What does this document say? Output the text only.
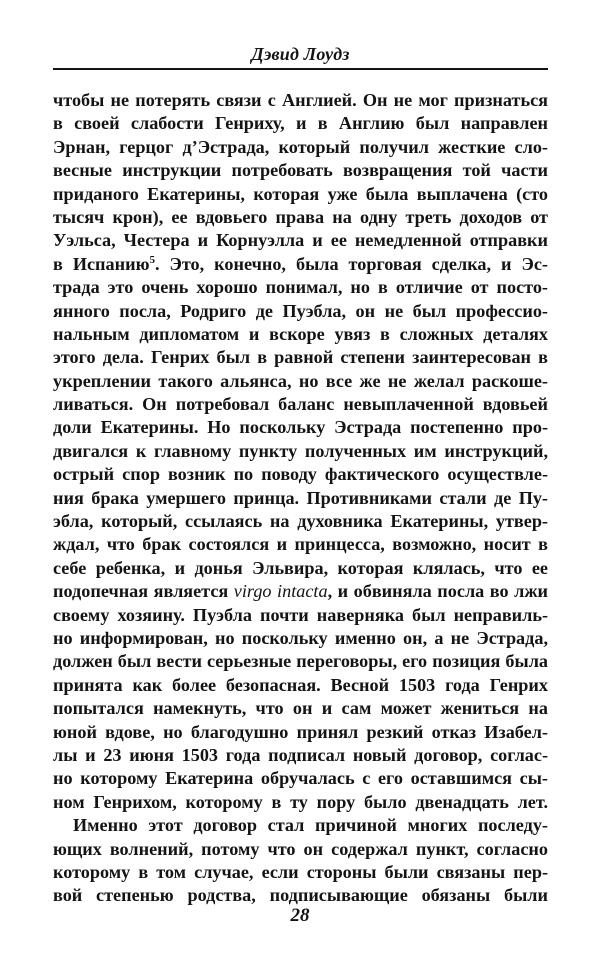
Дэвид Лоудз
чтобы не потерять связи с Англией. Он не мог признаться
в своей слабости Генриху, и в Англию был направлен
Эрнан, герцог д’Эстрада, который получил жесткие сло-
весные инструкции потребовать возвращения той части
приданого Екатерины, которая уже была выплачена (сто
тысяч крон), ее вдовьего права на одну треть доходов от
Уэльса, Честера и Корнуэлла и ее немедленной отправки
в Испанию$^5$. Это, конечно, была торговая сделка, и Эс-
трада это очень хорошо понимал, но в отличие от посто-
янного посла, Родриго де Пуэбла, он не был профессио-
нальным дипломатом и вскоре увяз в сложных деталях
этого дела. Генрих был в равной степени заинтересован в
укреплении такого альянса, но все же не желал раскоше-
ливаться. Он потребовал баланс невыплаченной вдовьей
доли Екатерины. Но поскольку Эстрада постепенно про-
двигался к главному пункту полученных им инструкций,
острый спор возник по поводу фактического осуществле-
ния брака умершего принца. Противниками стали де Пу-
эбла, который, ссылаясь на духовника Екатерины, утвер-
ждал, что брак состоялся и принцесса, возможно, носит в
себе ребенка, и донья Эльвира, которая клялась, что ее
подопечная является virgo intacta, и обвиняла посла во лжи
своему хозяину. Пуэбла почти наверняка был неправиль-
но информирован, но поскольку именно он, а не Эстрада,
должен был вести серьезные переговоры, его позиция была
принята как более безопасная. Весной 1503 года Генрих
попытался намекнуть, что он и сам может жениться на
юной вдове, но благодушно принял резкий отказ Изабел-
лы и 23 июня 1503 года подписал новый договор, соглас-
но которому Екатерина обручалась с его оставшимся сы-
ном Генрихом, которому в ту пору было двенадцать лет.
Именно этот договор стал причиной многих последу-
ющих волнений, потому что он содержал пункт, согласно
которому в том случае, если стороны были связаны пер-
вой степенью родства, подписывающие обязаны были
28
